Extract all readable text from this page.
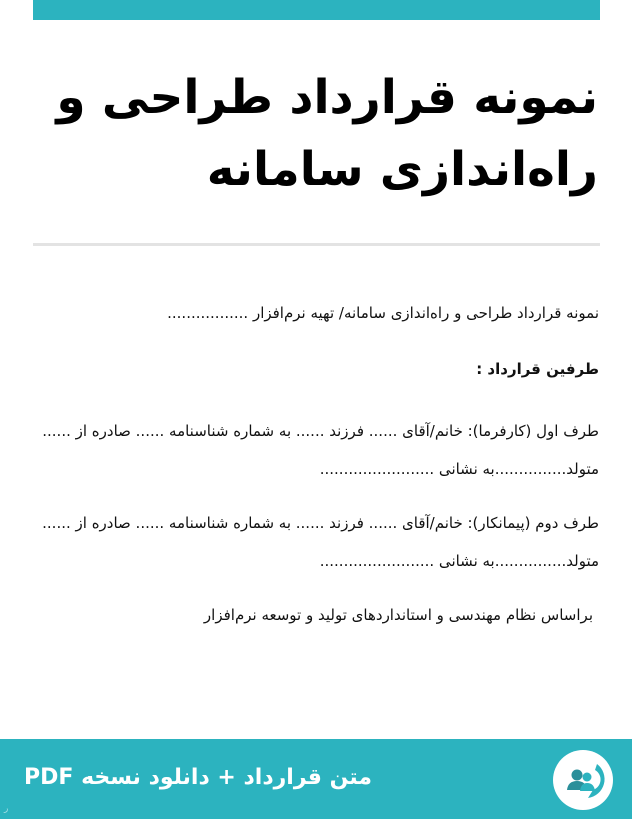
نمونه قرارداد طراحی و راه‌اندازی سامانه

نمونه قرارداد طراحی و راه‌اندازی سامانه/ تهیه نرم‌افزار .................

طرفین قرارداد :

طرف اول (کارفرما): خانم/آقای ...... فرزند ...... به شماره شناسنامه ...... صادره از ...... متولد...............به نشانی ........................

طرف دوم (پیمانکار): خانم/آقای ...... فرزند ...... به شماره شناسنامه ...... صادره از ...... متولد...............به نشانی ........................

براساس نظام مهندسی و استانداردهای تولید و توسعه نرم‌افزار

متن قرارداد + دانلود نسخه PDF
ر
